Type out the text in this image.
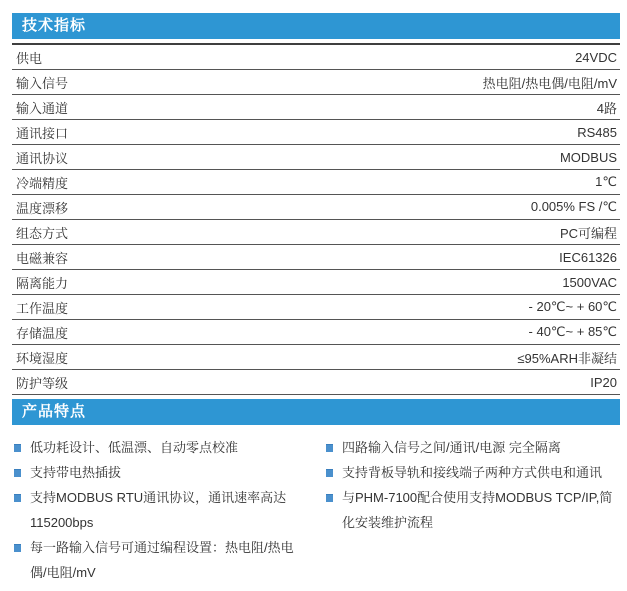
技术指标
供电	24VDC
输入信号	热电阻/热电偶/电阻/mV
输入通道	4路
通讯接口	RS485
通讯协议	MODBUS
冷端精度	1℃
温度漂移	0.005% FS /℃
组态方式	PC可编程
电磁兼容	IEC61326
隔离能力	1500VAC
工作温度	- 20℃~ + 60℃
存储温度	- 40℃~ + 85℃
环境湿度	≤95%ARH非凝结
防护等级	IP20
产品特点
低功耗设计、低温漂、自动零点校准
支持带电热插拔
支持MODBUS RTU通讯协议，通讯速率高达 115200bps
每一路输入信号可通过编程设置：热电阻/热电偶/电阻/mV
四路输入信号之间/通讯/电源 完全隔离
支持背板导轨和接线端子两种方式供电和通讯
与PHM-7100配合使用支持MODBUS TCP/IP,简化安装维护流程
